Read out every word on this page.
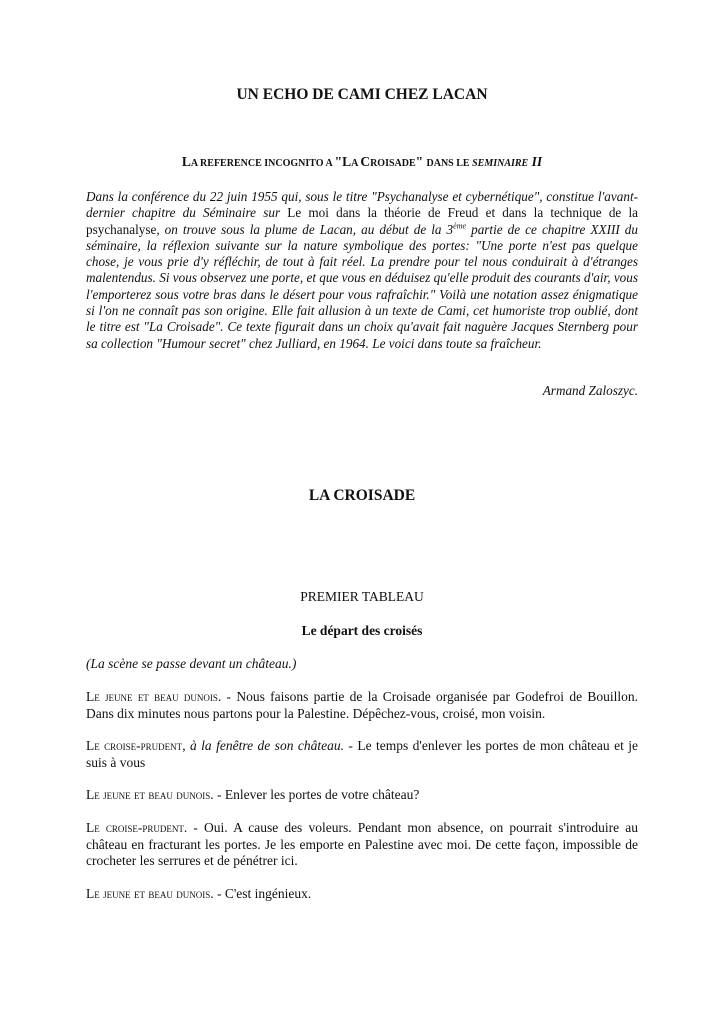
UN ECHO DE CAMI CHEZ LACAN
LA REFERENCE INCOGNITO A "LA CROISADE" DANS LE SEMINAIRE II
Dans la conférence du 22 juin 1955 qui, sous le titre "Psychanalyse et cybernétique", constitue l'avant-dernier chapitre du Séminaire sur Le moi dans la théorie de Freud et dans la technique de la psychanalyse, on trouve sous la plume de Lacan, au début de la 3ème partie de ce chapitre XXIII du séminaire, la réflexion suivante sur la nature symbolique des portes: "Une porte n'est pas quelque chose, je vous prie d'y réfléchir, de tout à fait réel. La prendre pour tel nous conduirait à d'étranges malentendus. Si vous observez une porte, et que vous en déduisez qu'elle produit des courants d'air, vous l'emporterez sous votre bras dans le désert pour vous rafraîchir." Voilà une notation assez énigmatique si l'on ne connaît pas son origine. Elle fait allusion à un texte de Cami, cet humoriste trop oublié, dont le titre est "La Croisade". Ce texte figurait dans un choix qu'avait fait naguère Jacques Sternberg pour sa collection "Humour secret" chez Julliard, en 1964. Le voici dans toute sa fraîcheur.
Armand Zaloszyc.
LA CROISADE
PREMIER TABLEAU
Le départ des croisés
(La scène se passe devant un château.)
Le jeune et beau dunois. - Nous faisons partie de la Croisade organisée par Godefroi de Bouillon. Dans dix minutes nous partons pour la Palestine. Dépêchez-vous, croisé, mon voisin.
Le croise-prudent, à la fenêtre de son château. - Le temps d'enlever les portes de mon château et je suis à vous
Le jeune et beau dunois. - Enlever les portes de votre château?
Le croise-prudent. - Oui. A cause des voleurs. Pendant mon absence, on pourrait s'introduire au château en fracturant les portes. Je les emporte en Palestine avec moi. De cette façon, impossible de crocheter les serrures et de pénétrer ici.
Le jeune et beau dunois. - C'est ingénieux.
